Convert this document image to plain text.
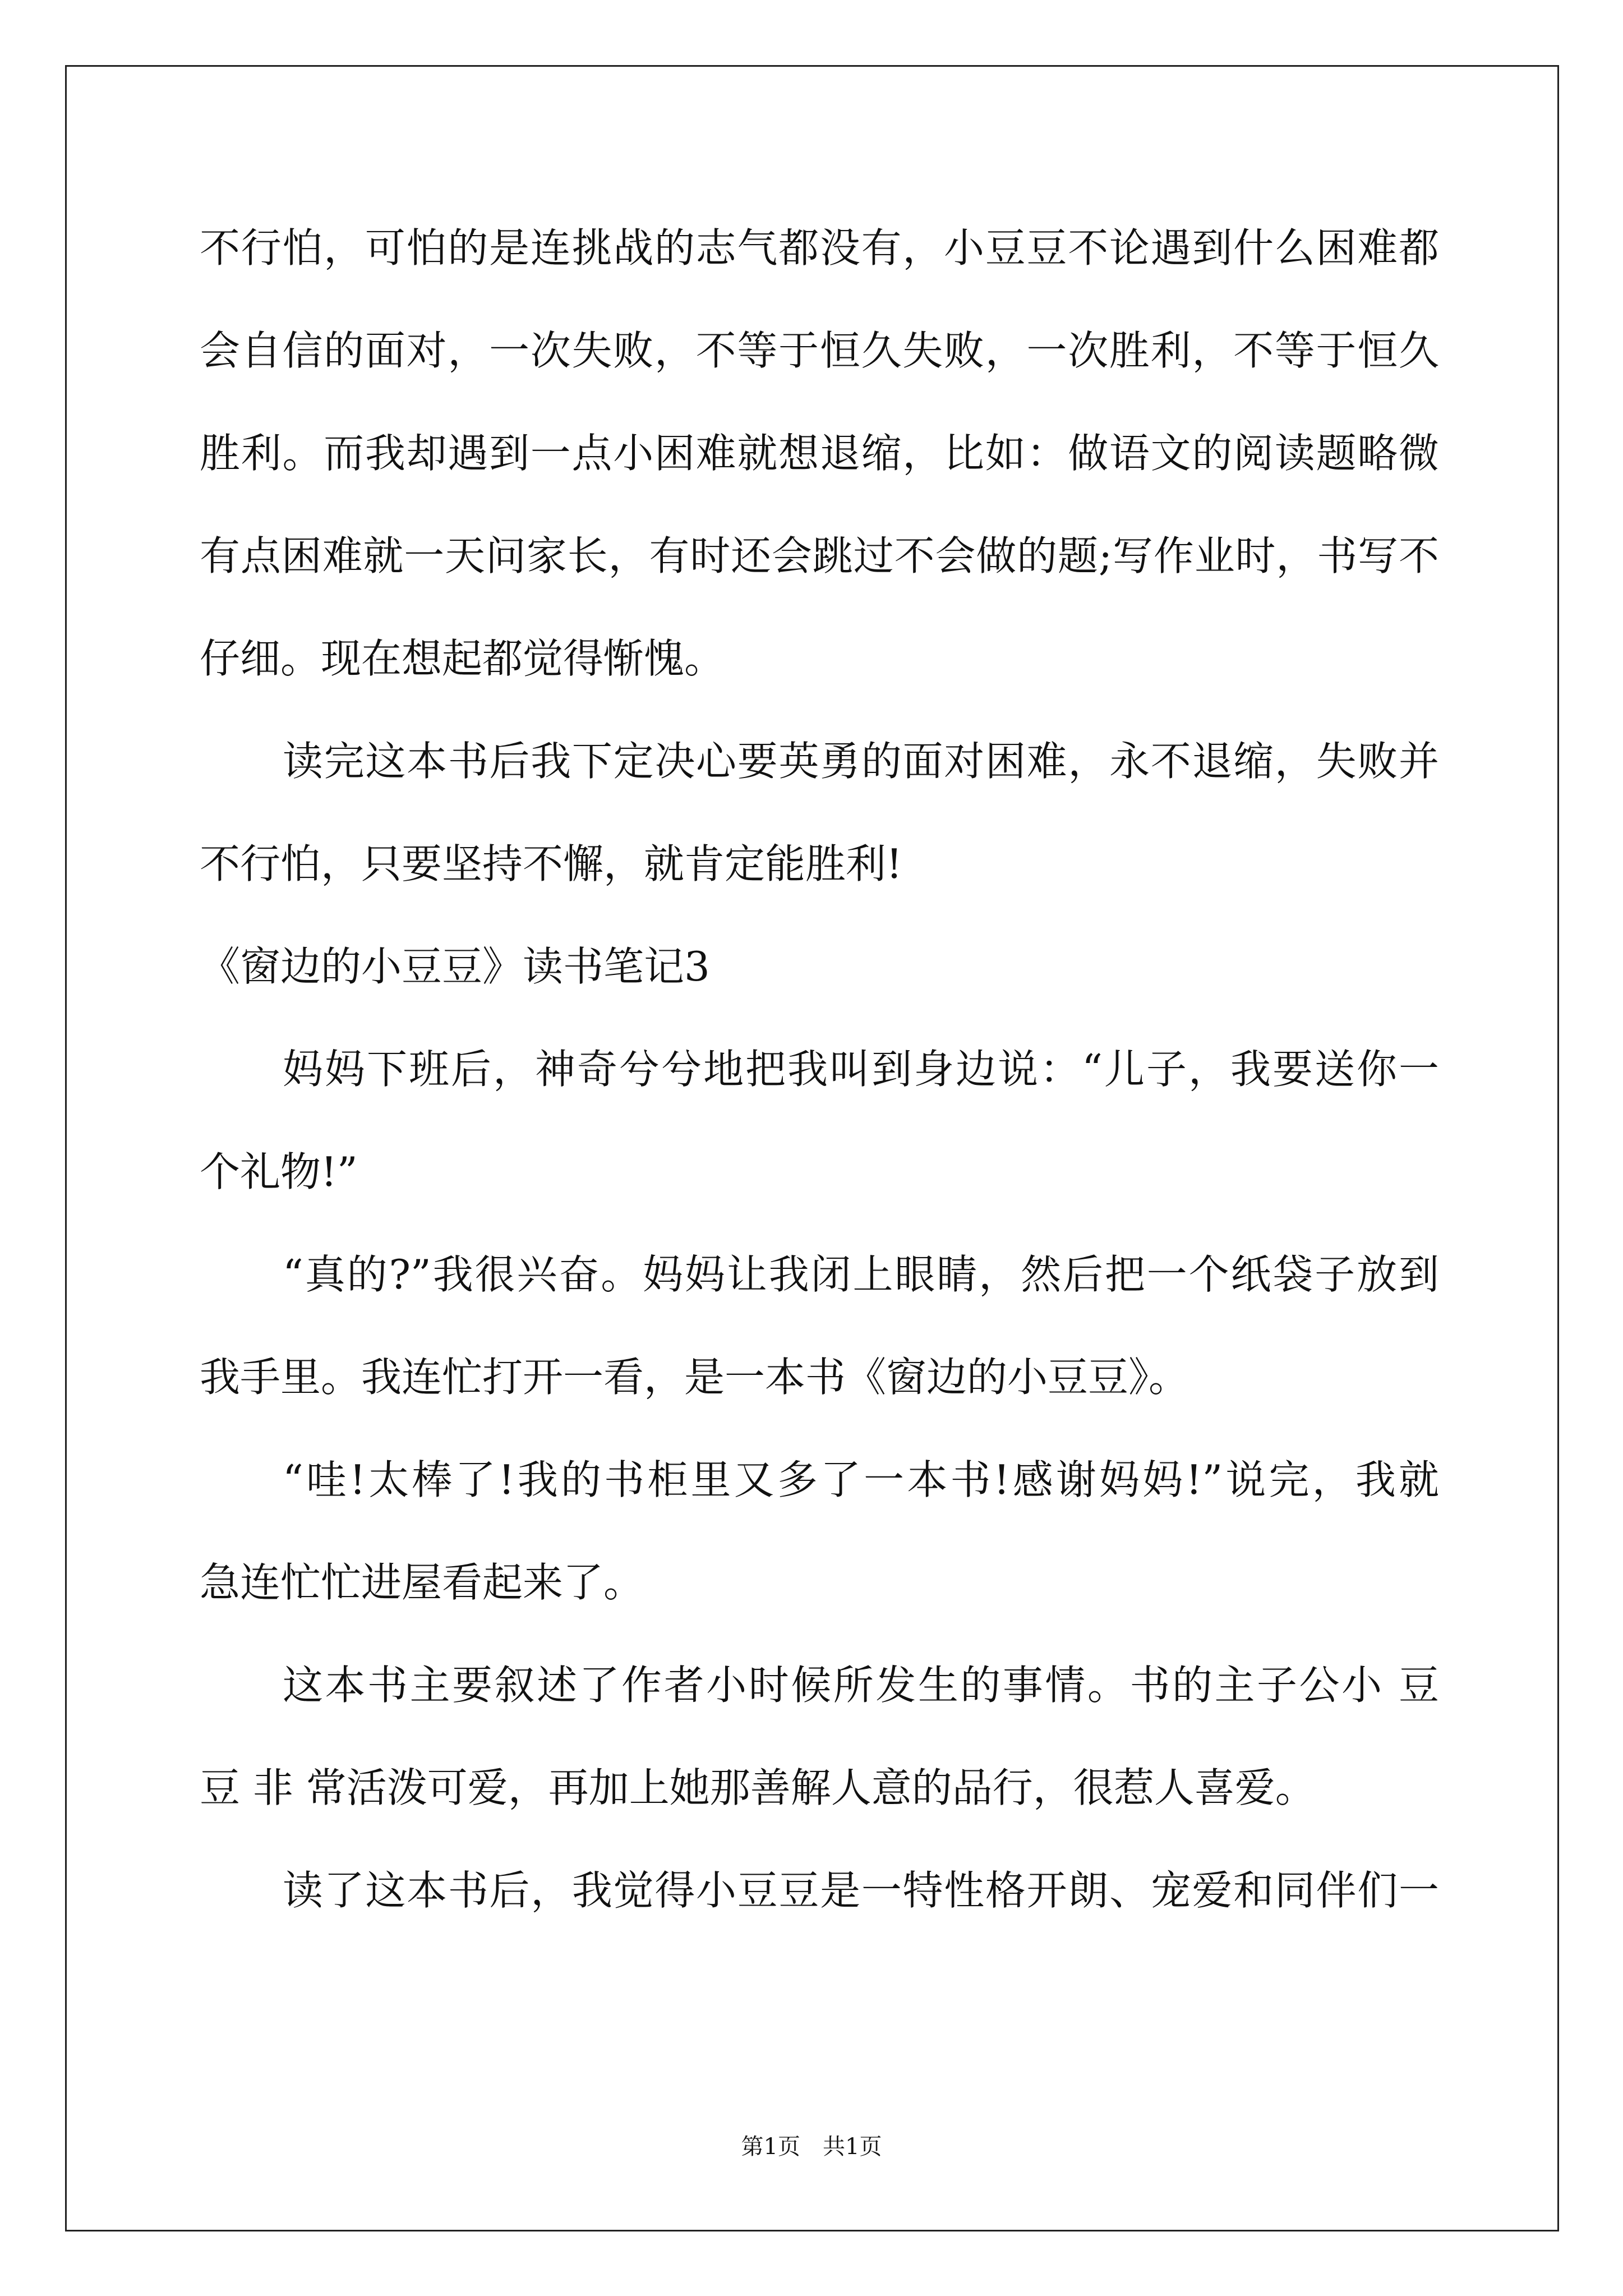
不行怕，可怕的是连挑战的志气都没有，小豆豆不论遇到什么困难都
会自信的面对，一次失败，不等于恒久失败，一次胜利，不等于恒久
胜利。而我却遇到一点小困难就想退缩，比如：做语文的阅读题略微
有点困难就一天问家长，有时还会跳过不会做的题;写作业时，书写不
仔细。现在想起都觉得惭愧。
读完这本书后我下定决心要英勇的面对困难，永不退缩，失败并
不行怕，只要坚持不懈，就肯定能胜利!
《窗边的小豆豆》读书笔记3
妈妈下班后，神奇兮兮地把我叫到身边说：“儿子，我要送你一
个礼物!”
“真的?”我很兴奋。妈妈让我闭上眼睛，然后把一个纸袋子放到
我手里。我连忙打开一看，是一本书《窗边的小豆豆》。
“哇!太棒了!我的书柜里又多了一本书!感谢妈妈!”说完，我就
急连忙忙进屋看起来了。
这本书主要叙述了作者小时候所发生的事情。书的主子公小 豆
豆 非 常活泼可爱，再加上她那善解人意的品行，很惹人喜爱。
读了这本书后，我觉得小豆豆是一特性格开朗、宠爱和同伴们一
第1页　共1页
